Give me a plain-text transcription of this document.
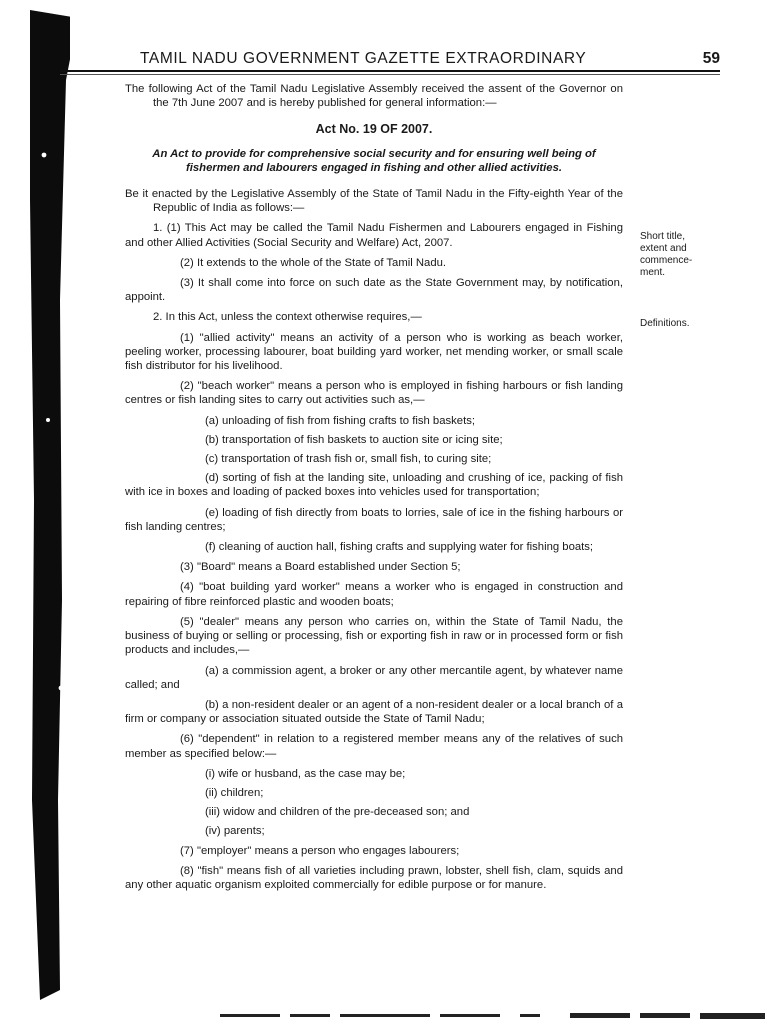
TAMIL NADU GOVERNMENT GAZETTE EXTRAORDINARY	59
Short title, extent and commence- ment.
Definitions.

The following Act of the Tamil Nadu Legislative Assembly received the assent of the Governor on the 7th June 2007 and is hereby published for general information:—

Act No. 19 OF 2007.

An Act to provide for comprehensive social security and for ensuring well being of fishermen and labourers engaged in fishing and other allied activities.

Be it enacted by the Legislative Assembly of the State of Tamil Nadu in the Fifty-eighth Year of the Republic of India as follows:—

1. (1) This Act may be called the Tamil Nadu Fishermen and Labourers engaged in Fishing and other Allied Activities (Social Security and Welfare) Act, 2007.

(2) It extends to the whole of the State of Tamil Nadu.

(3) It shall come into force on such date as the State Government may, by notification, appoint.

2. In this Act, unless the context otherwise requires,—

(1) "allied activity" means an activity of a person who is working as beach worker, peeling worker, processing labourer, boat building yard worker, net mending worker, or small scale fish distributor for his livelihood.

(2) "beach worker" means a person who is employed in fishing harbours or fish landing centres or fish landing sites to carry out activities such as,—

(a) unloading of fish from fishing crafts to fish baskets;

(b) transportation of fish baskets to auction site or icing site;

(c) transportation of trash fish or, small fish, to curing site;

(d) sorting of fish at the landing site, unloading and crushing of ice, packing of fish with ice in boxes and loading of packed boxes into vehicles used for transportation;

(e) loading of fish directly from boats to lorries, sale of ice in the fishing harbours or fish landing centres;

(f) cleaning of auction hall, fishing crafts and supplying water for fishing boats;

(3) "Board" means a Board established under Section 5;

(4) "boat building yard worker" means a worker who is engaged in construction and repairing of fibre reinforced plastic and wooden boats;

(5) "dealer" means any person who carries on, within the State of Tamil Nadu, the business of buying or selling or processing, fish or exporting fish in raw or in processed form or fish products and includes,—

(a) a commission agent, a broker or any other mercantile agent, by whatever name called; and

(b) a non-resident dealer or an agent of a non-resident dealer or a local branch of a firm or company or association situated outside the State of Tamil Nadu;

(6) "dependent" in relation to a registered member means any of the relatives of such member as specified below:—

(i) wife or husband, as the case may be;

(ii) children;

(iii) widow and children of the pre-deceased son; and

(iv) parents;

(7) "employer" means a person who engages labourers;

(8) "fish" means fish of all varieties including prawn, lobster, shell fish, clam, squids and any other aquatic organism exploited commercially for edible purpose or for manure.
